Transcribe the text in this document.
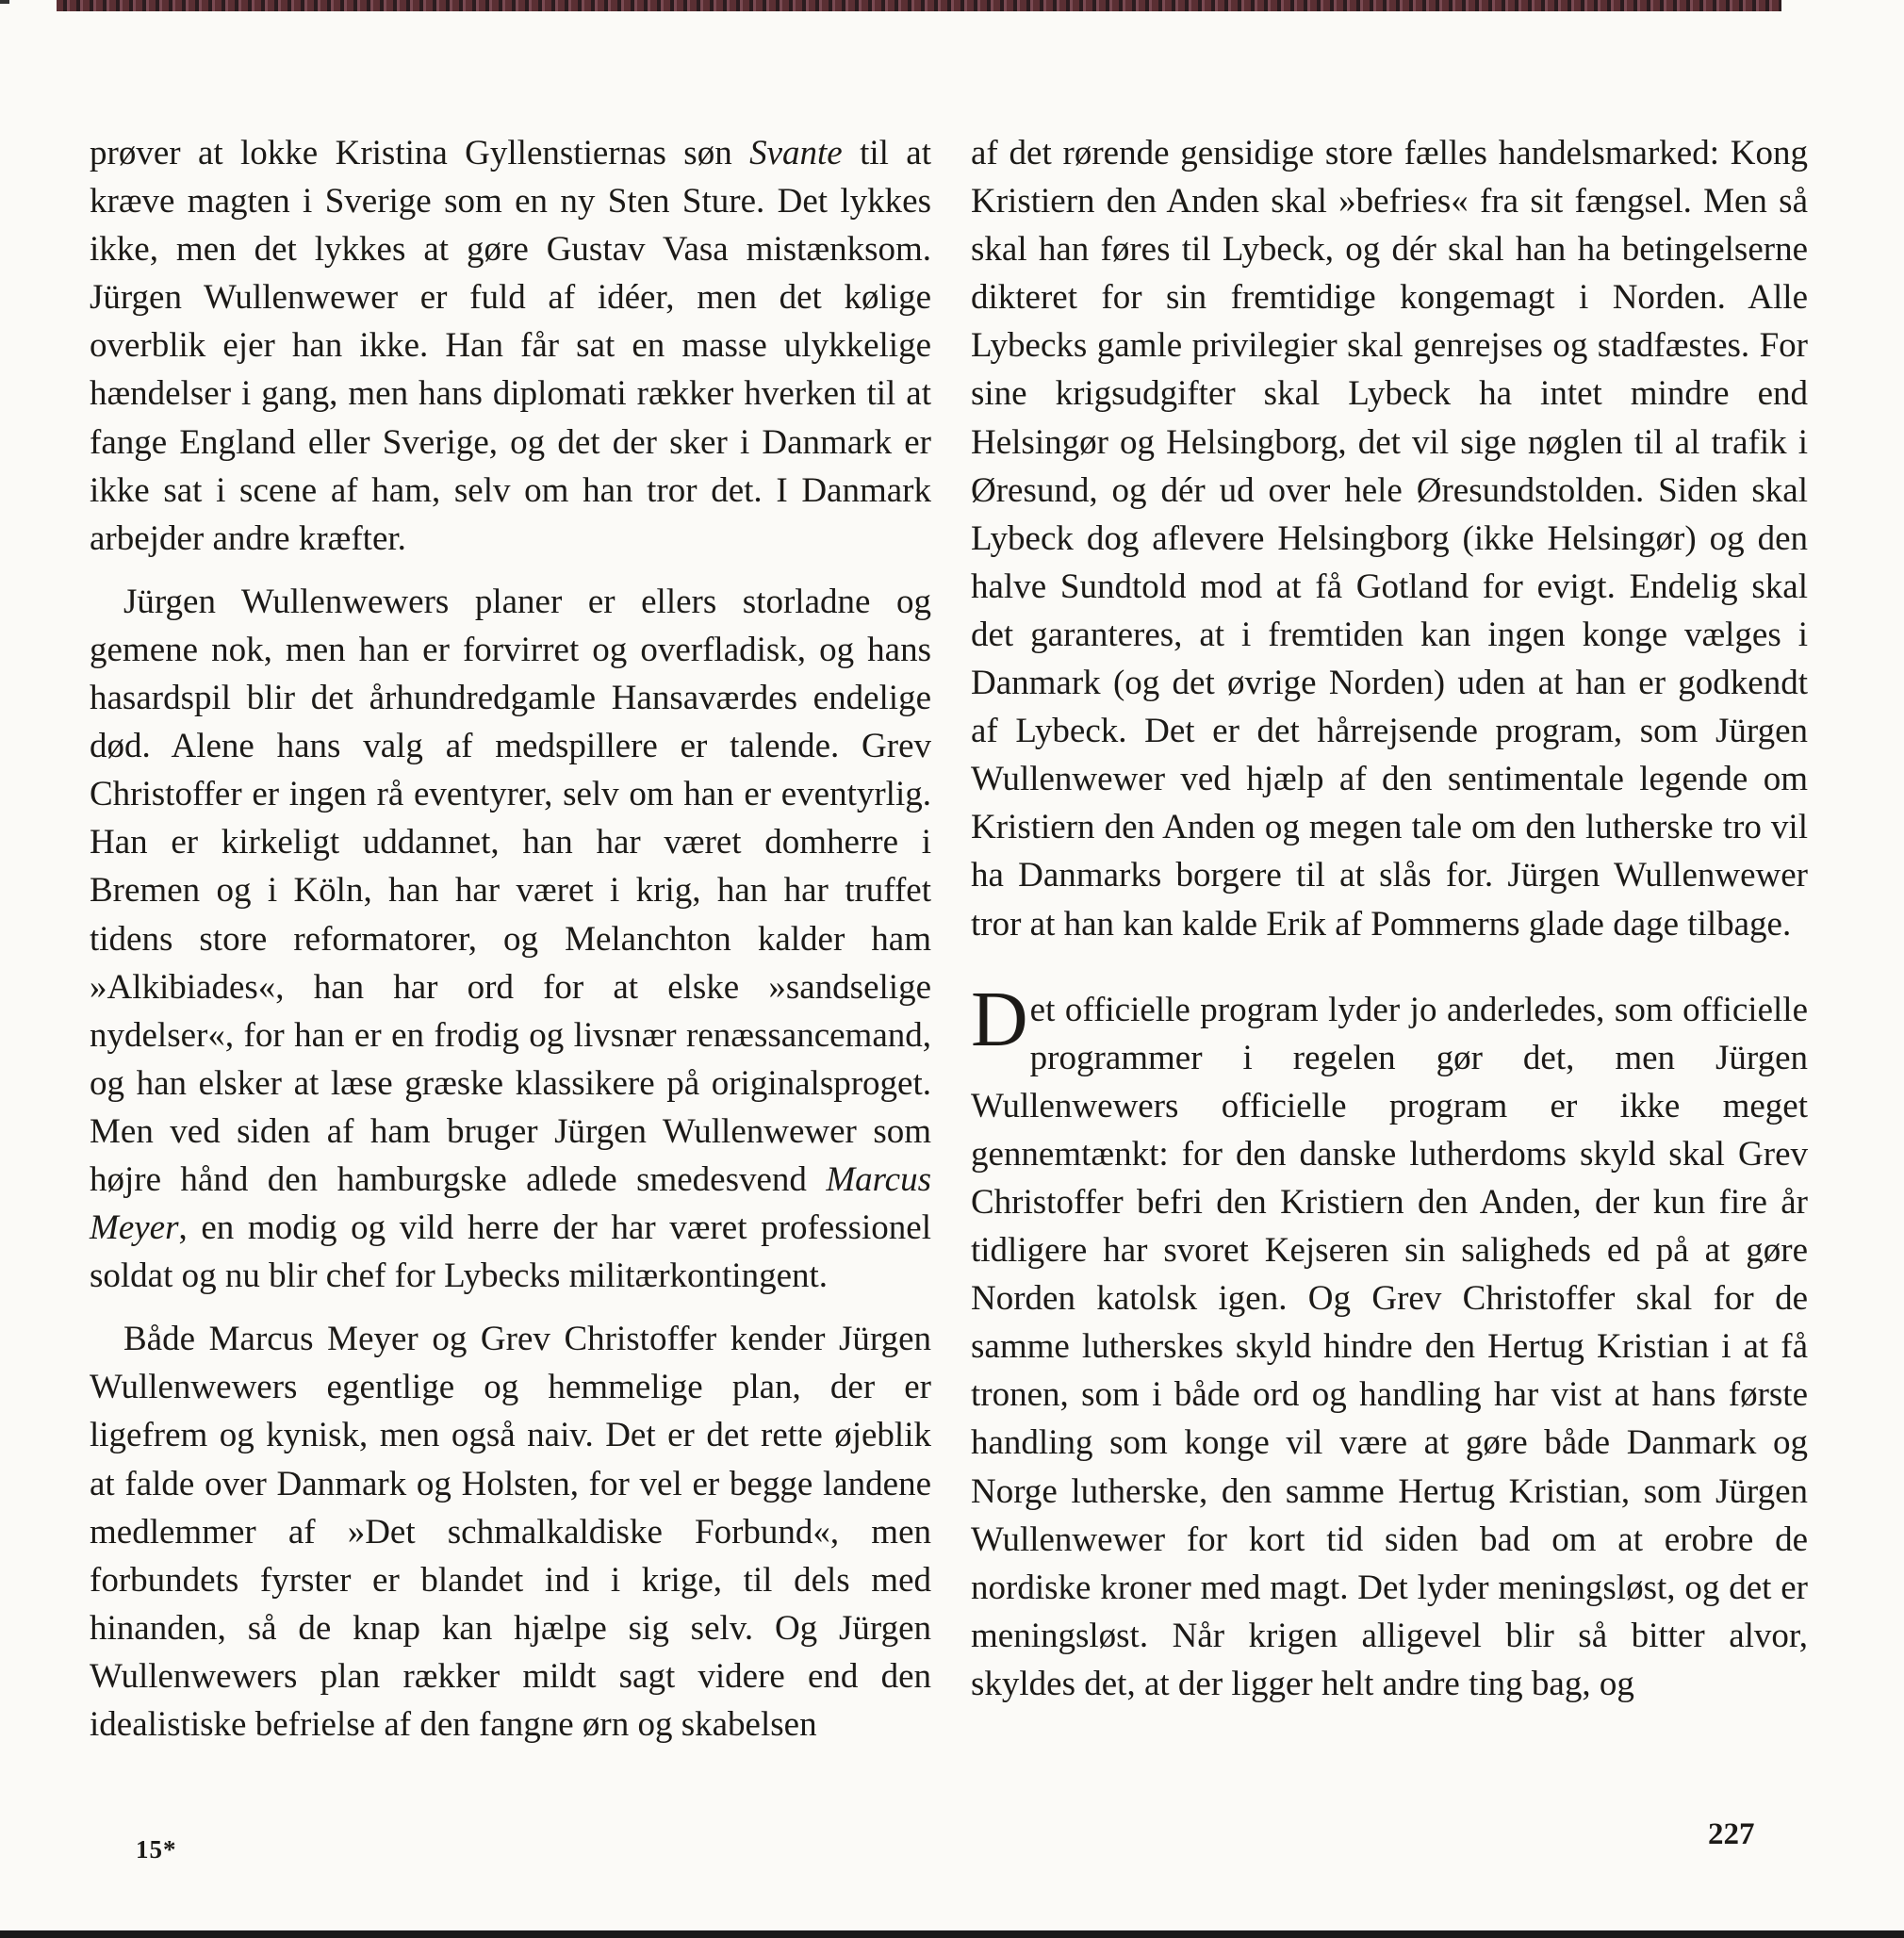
prøver at lokke Kristina Gyllenstiernas søn Svante til at kræve magten i Sverige som en ny Sten Sture. Det lykkes ikke, men det lykkes at gøre Gustav Vasa mistænksom. Jürgen Wullenwewer er fuld af idéer, men det kølige overblik ejer han ikke. Han får sat en masse ulykkelige hændelser i gang, men hans diplomati rækker hverken til at fange England eller Sverige, og det der sker i Danmark er ikke sat i scene af ham, selv om han tror det. I Danmark arbejder andre kræfter.

Jürgen Wullenwewers planer er ellers storladne og gemene nok, men han er forvirret og overfladisk, og hans hasardspil blir det århundredgamle Hansaværdes endelige død. Alene hans valg af medspillere er talende. Grev Christoffer er ingen rå eventyrer, selv om han er eventyrlig. Han er kirkeligt uddannet, han har været domherre i Bremen og i Köln, han har været i krig, han har truffet tidens store reformatorer, og Melanchton kalder ham »Alkibiades«, han har ord for at elske »sandselige nydelser«, for han er en frodig og livsnær renæssancemand, og han elsker at læse græske klassikere på originalsproget. Men ved siden af ham bruger Jürgen Wullenwewer som højre hånd den hamburgske adlede smedesvend Marcus Meyer, en modig og vild herre der har været professionel soldat og nu blir chef for Lybecks militærkontingent.

Både Marcus Meyer og Grev Christoffer kender Jürgen Wullenwewers egentlige og hemmelige plan, der er ligefrem og kynisk, men også naiv. Det er det rette øjeblik at falde over Danmark og Holsten, for vel er begge landene medlemmer af »Det schmalkaldiske Forbund«, men forbundets fyrster er blandet ind i krige, til dels med hinanden, så de knap kan hjælpe sig selv. Og Jürgen Wullenwewers plan rækker mildt sagt videre end den idealistiske befrielse af den fangne ørn og skabelsen

af det rørende gensidige store fælles handelsmarked: Kong Kristiern den Anden skal »befries« fra sit fængsel. Men så skal han føres til Lybeck, og dér skal han ha betingelserne dikteret for sin fremtidige kongemagt i Norden. Alle Lybecks gamle privilegier skal genrejses og stadfæstes. For sine krigsudgifter skal Lybeck ha intet mindre end Helsingør og Helsingborg, det vil sige nøglen til al trafik i Øresund, og dér ud over hele Øresundstolden. Siden skal Lybeck dog aflevere Helsingborg (ikke Helsingør) og den halve Sundtold mod at få Gotland for evigt. Endelig skal det garanteres, at i fremtiden kan ingen konge vælges i Danmark (og det øvrige Norden) uden at han er godkendt af Lybeck. Det er det hårrejsende program, som Jürgen Wullenwewer ved hjælp af den sentimentale legende om Kristiern den Anden og megen tale om den lutherske tro vil ha Danmarks borgere til at slås for. Jürgen Wullenwewer tror at han kan kalde Erik af Pommerns glade dage tilbage.

Det officielle program lyder jo anderledes, som officielle programmer i regelen gør det, men Jürgen Wullenwewers officielle program er ikke meget gennemtænkt: for den danske lutherdoms skyld skal Grev Christoffer befri den Kristiern den Anden, der kun fire år tidligere har svoret Kejseren sin saligheds ed på at gøre Norden katolsk igen. Og Grev Christoffer skal for de samme lutherskes skyld hindre den Hertug Kristian i at få tronen, som i både ord og handling har vist at hans første handling som konge vil være at gøre både Danmark og Norge lutherske, den samme Hertug Kristian, som Jürgen Wullenwewer for kort tid siden bad om at erobre de nordiske kroner med magt. Det lyder meningsløst, og det er meningsløst. Når krigen alligevel blir så bitter alvor, skyldes det, at der ligger helt andre ting bag, og

15*	227
